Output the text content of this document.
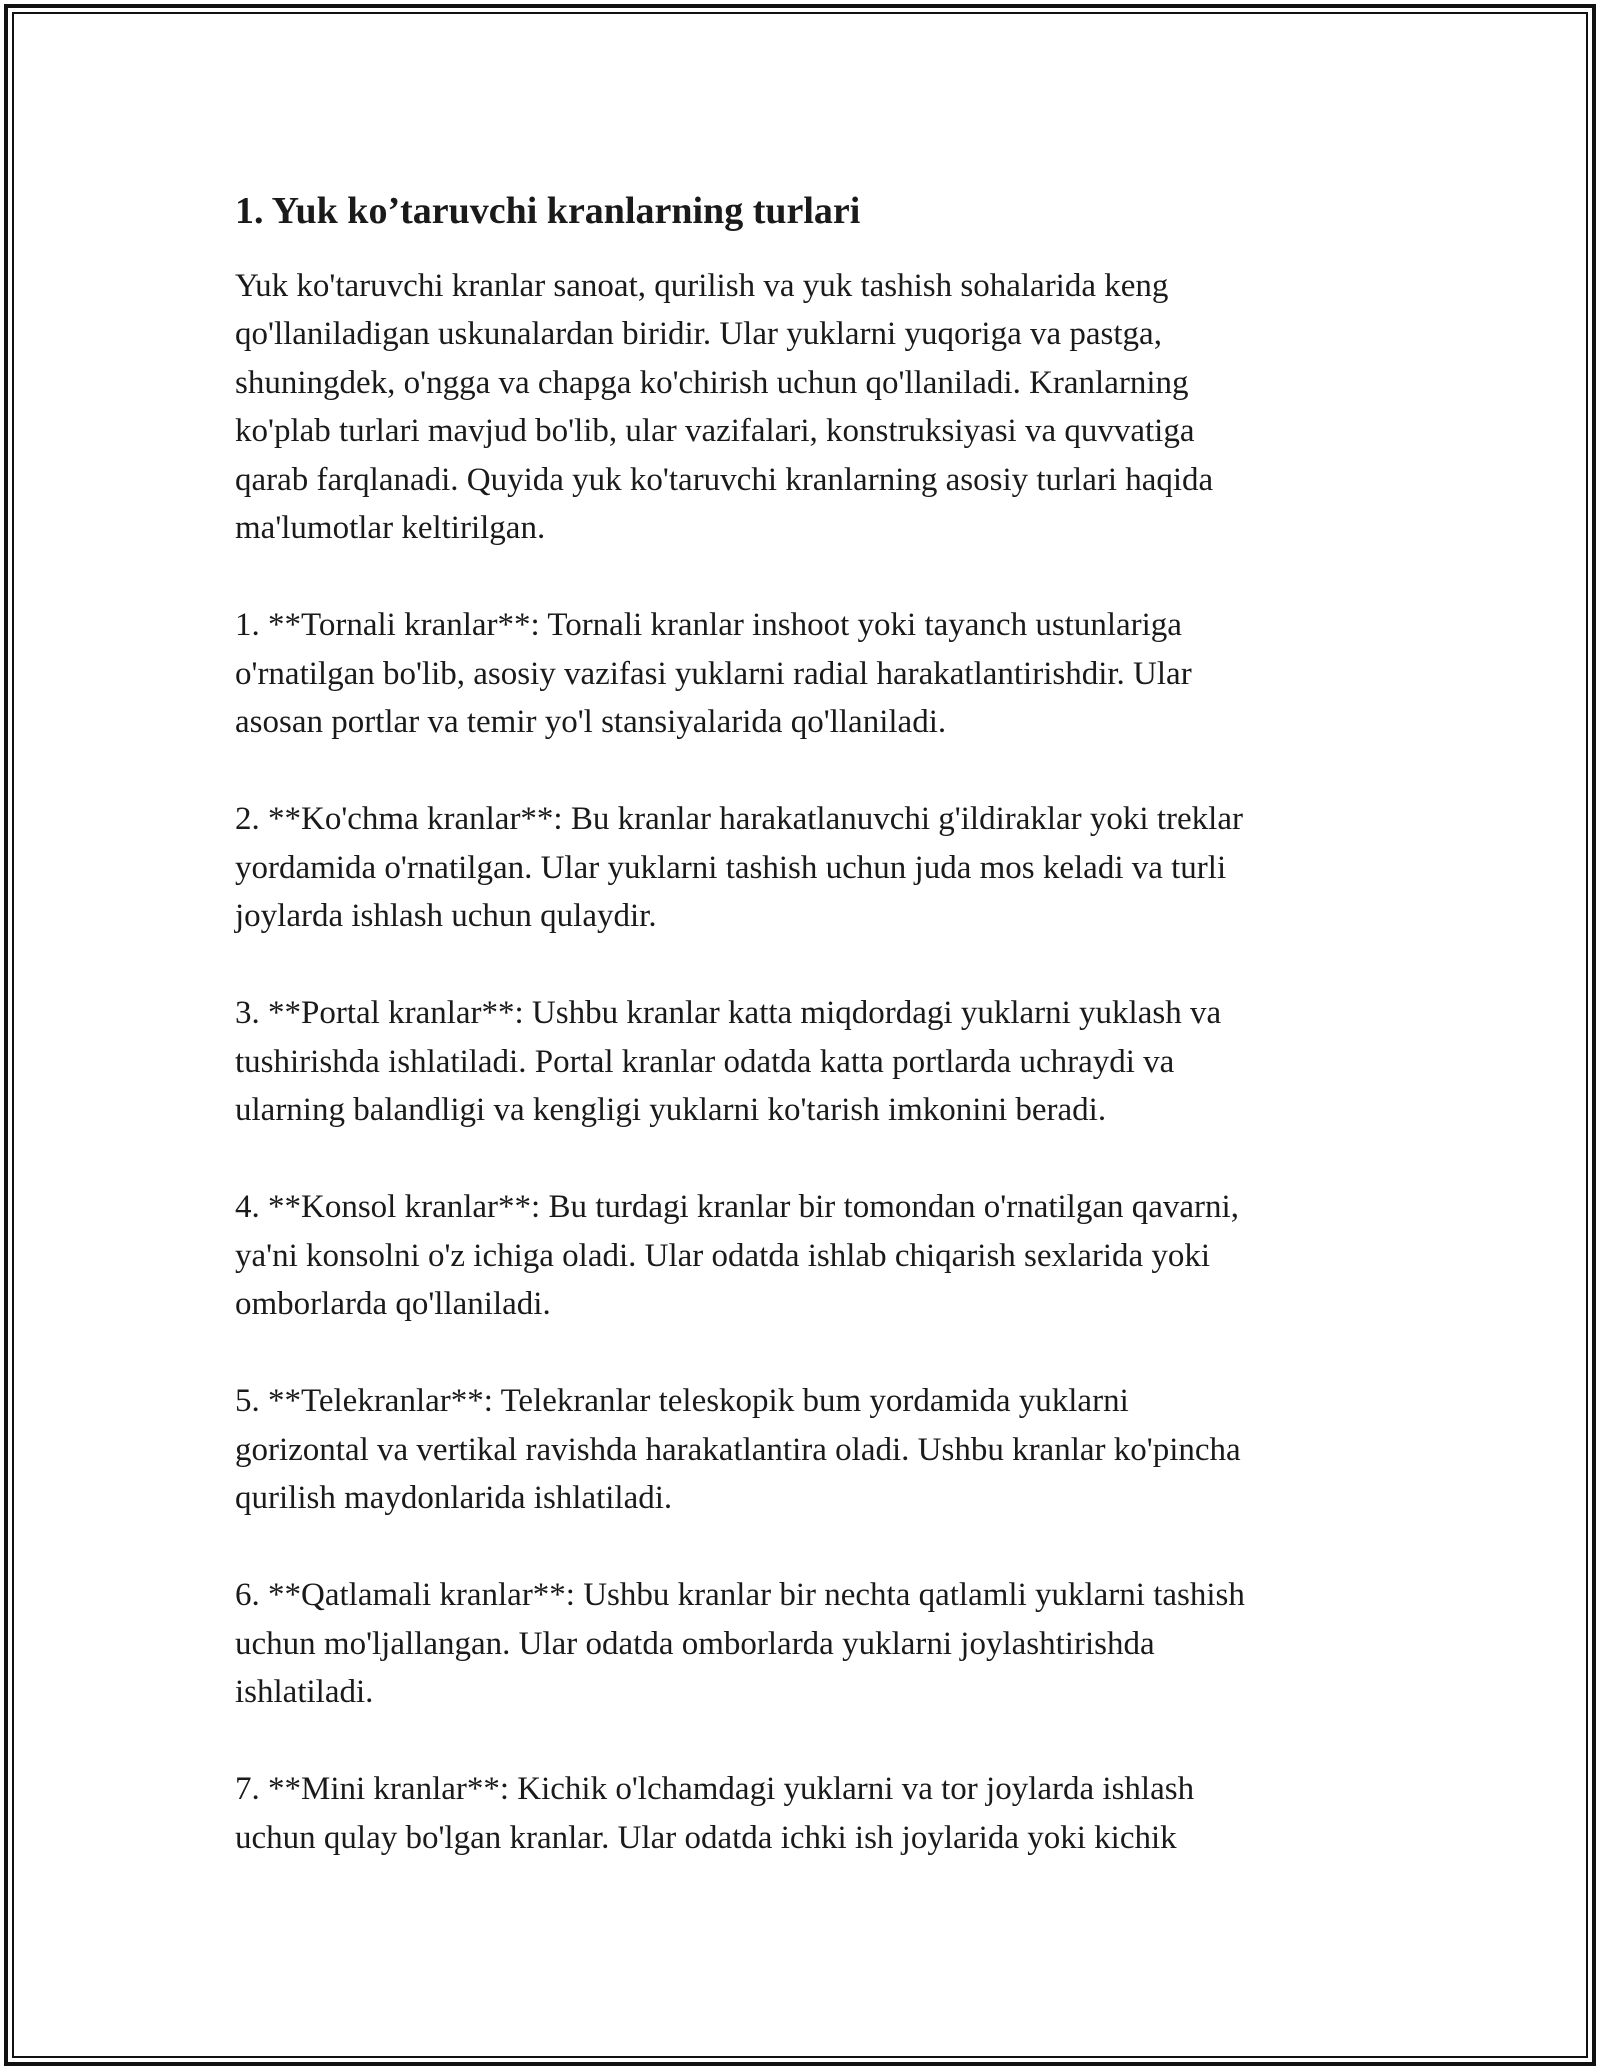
1. Yuk ko’taruvchi kranlarning turlari

Yuk ko'taruvchi kranlar sanoat, qurilish va yuk tashish sohalarida keng
qo'llaniladigan uskunalardan biridir. Ular yuklarni yuqoriga va pastga,
shuningdek, o'ngga va chapga ko'chirish uchun qo'llaniladi. Kranlarning
ko'plab turlari mavjud bo'lib, ular vazifalari, konstruksiyasi va quvvatiga
qarab farqlanadi. Quyida yuk ko'taruvchi kranlarning asosiy turlari haqida
ma'lumotlar keltirilgan.

1. **Tornali kranlar**: Tornali kranlar inshoot yoki tayanch ustunlariga
o'rnatilgan bo'lib, asosiy vazifasi yuklarni radial harakatlantirishdir. Ular
asosan portlar va temir yo'l stansiyalarida qo'llaniladi.

2. **Ko'chma kranlar**: Bu kranlar harakatlanuvchi g'ildiraklar yoki treklar
yordamida o'rnatilgan. Ular yuklarni tashish uchun juda mos keladi va turli
joylarda ishlash uchun qulaydir.

3. **Portal kranlar**: Ushbu kranlar katta miqdordagi yuklarni yuklash va
tushirishda ishlatiladi. Portal kranlar odatda katta portlarda uchraydi va
ularning balandligi va kengligi yuklarni ko'tarish imkonini beradi.

4. **Konsol kranlar**: Bu turdagi kranlar bir tomondan o'rnatilgan qavarni,
ya'ni konsolni o'z ichiga oladi. Ular odatda ishlab chiqarish sexlarida yoki
omborlarda qo'llaniladi.

5. **Telekranlar**: Telekranlar teleskopik bum yordamida yuklarni
gorizontal va vertikal ravishda harakatlantira oladi. Ushbu kranlar ko'pincha
qurilish maydonlarida ishlatiladi.

6. **Qatlamali kranlar**: Ushbu kranlar bir nechta qatlamli yuklarni tashish
uchun mo'ljallangan. Ular odatda omborlarda yuklarni joylashtirishda
ishlatiladi.

7. **Mini kranlar**: Kichik o'lchamdagi yuklarni va tor joylarda ishlash
uchun qulay bo'lgan kranlar. Ular odatda ichki ish joylarida yoki kichik
